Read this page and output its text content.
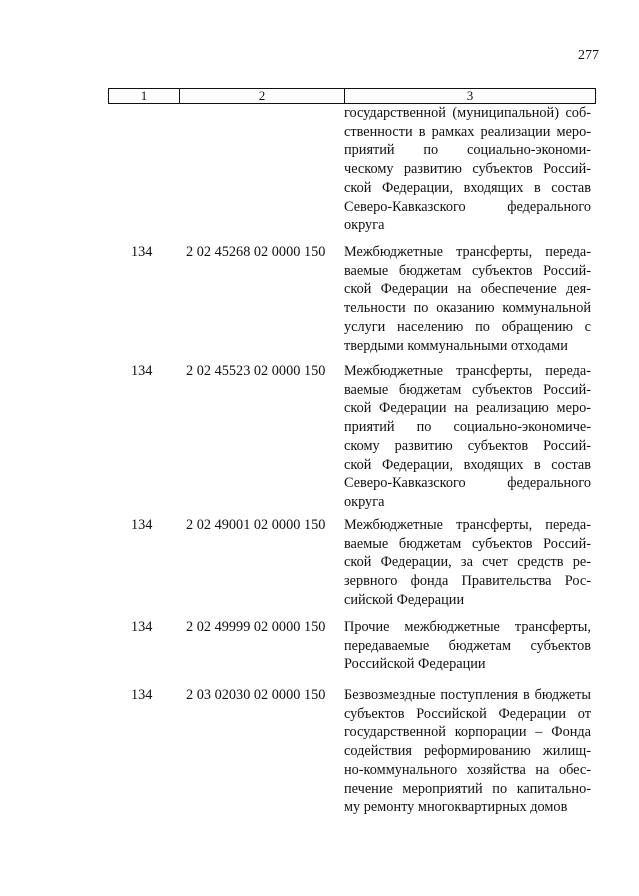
277
1	2	3
государственной (муниципальной) соб-
ственности в рамках реализации меро-
приятий по социально-экономи-
ческому развитию субъектов Россий-
ской Федерации, входящих в состав
Северо-Кавказского федерального
округа
134	2 02 45268 02 0000 150	Межбюджетные трансферты, переда-
ваемые бюджетам субъектов Россий-
ской Федерации на обеспечение дея-
тельности по оказанию коммунальной
услуги населению по обращению с
твердыми коммунальными отходами
134	2 02 45523 02 0000 150	Межбюджетные трансферты, переда-
ваемые бюджетам субъектов Россий-
ской Федерации на реализацию меро-
приятий по социально-экономиче-
скому развитию субъектов Россий-
ской Федерации, входящих в состав
Северо-Кавказского федерального
округа
134	2 02 49001 02 0000 150	Межбюджетные трансферты, переда-
ваемые бюджетам субъектов Россий-
ской Федерации, за счет средств ре-
зервного фонда Правительства Рос-
сийской Федерации
134	2 02 49999 02 0000 150	Прочие межбюджетные трансферты,
передаваемые бюджетам субъектов
Российской Федерации
134	2 03 02030 02 0000 150	Безвозмездные поступления в бюджеты
субъектов Российской Федерации от
государственной корпорации – Фонда
содействия реформированию жилищ-
но-коммунального хозяйства на обес-
печение мероприятий по капитально-
му ремонту многоквартирных домов
